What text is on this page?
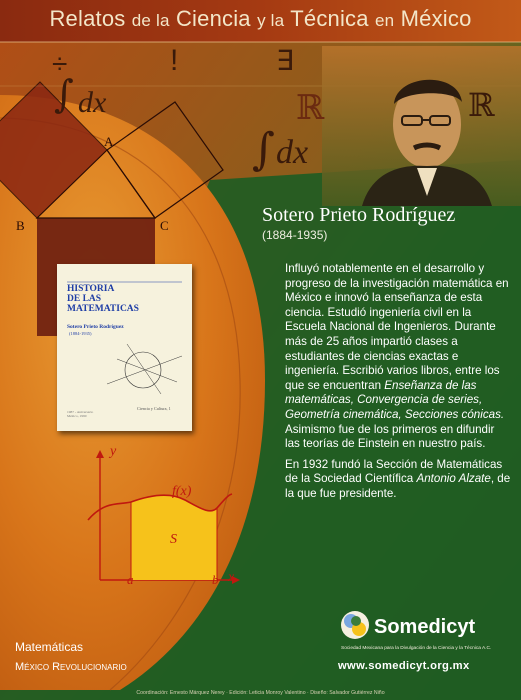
÷	!	∃
ℝ	ℝ
∫ dx
∫ dx
Relatos de la Ciencia y la Técnica en México
Sotero Prieto Rodríguez
(1884-1935)

Influyó notablemente en el desarrollo y progreso de la investigación matemática en México e innovó la enseñanza de esta ciencia. Estudió ingeniería civil en la Escuela Nacional de Ingenieros. Durante más de 25 años impartió clases a estudiantes de ciencias exactas e ingeniería. Escribió varios libros, entre los que se encuentran Enseñanza de las matemáticas, Convergencia de series, Geometría cinemática, Secciones cónicas. Asimismo fue de los primeros en difundir las teorías de Einstein en nuestro país.

En 1932 fundó la Sección de Matemáticas de la Sociedad Científica Antonio Alzate, de la que fue presidente.

HISTORIA
DE LAS
MATEMATICAS
Sotero Prieto Rodríguez
(1884-1935)
Ciencia y Cultura, 1
1987 - Aniversario
México, 1990
A
B	C
y
x
f(x)
S
a	b
Matemáticas
México Revolucionario
Somedicyt
Sociedad Mexicana para la Divulgación de la Ciencia y la Técnica A.C.
www.somedicyt.org.mx
Coordinación: Ernesto Márquez Nerey · Edición: Leticia Monroy Valentino · Diseño: Salvador Gutiérrez Niño
